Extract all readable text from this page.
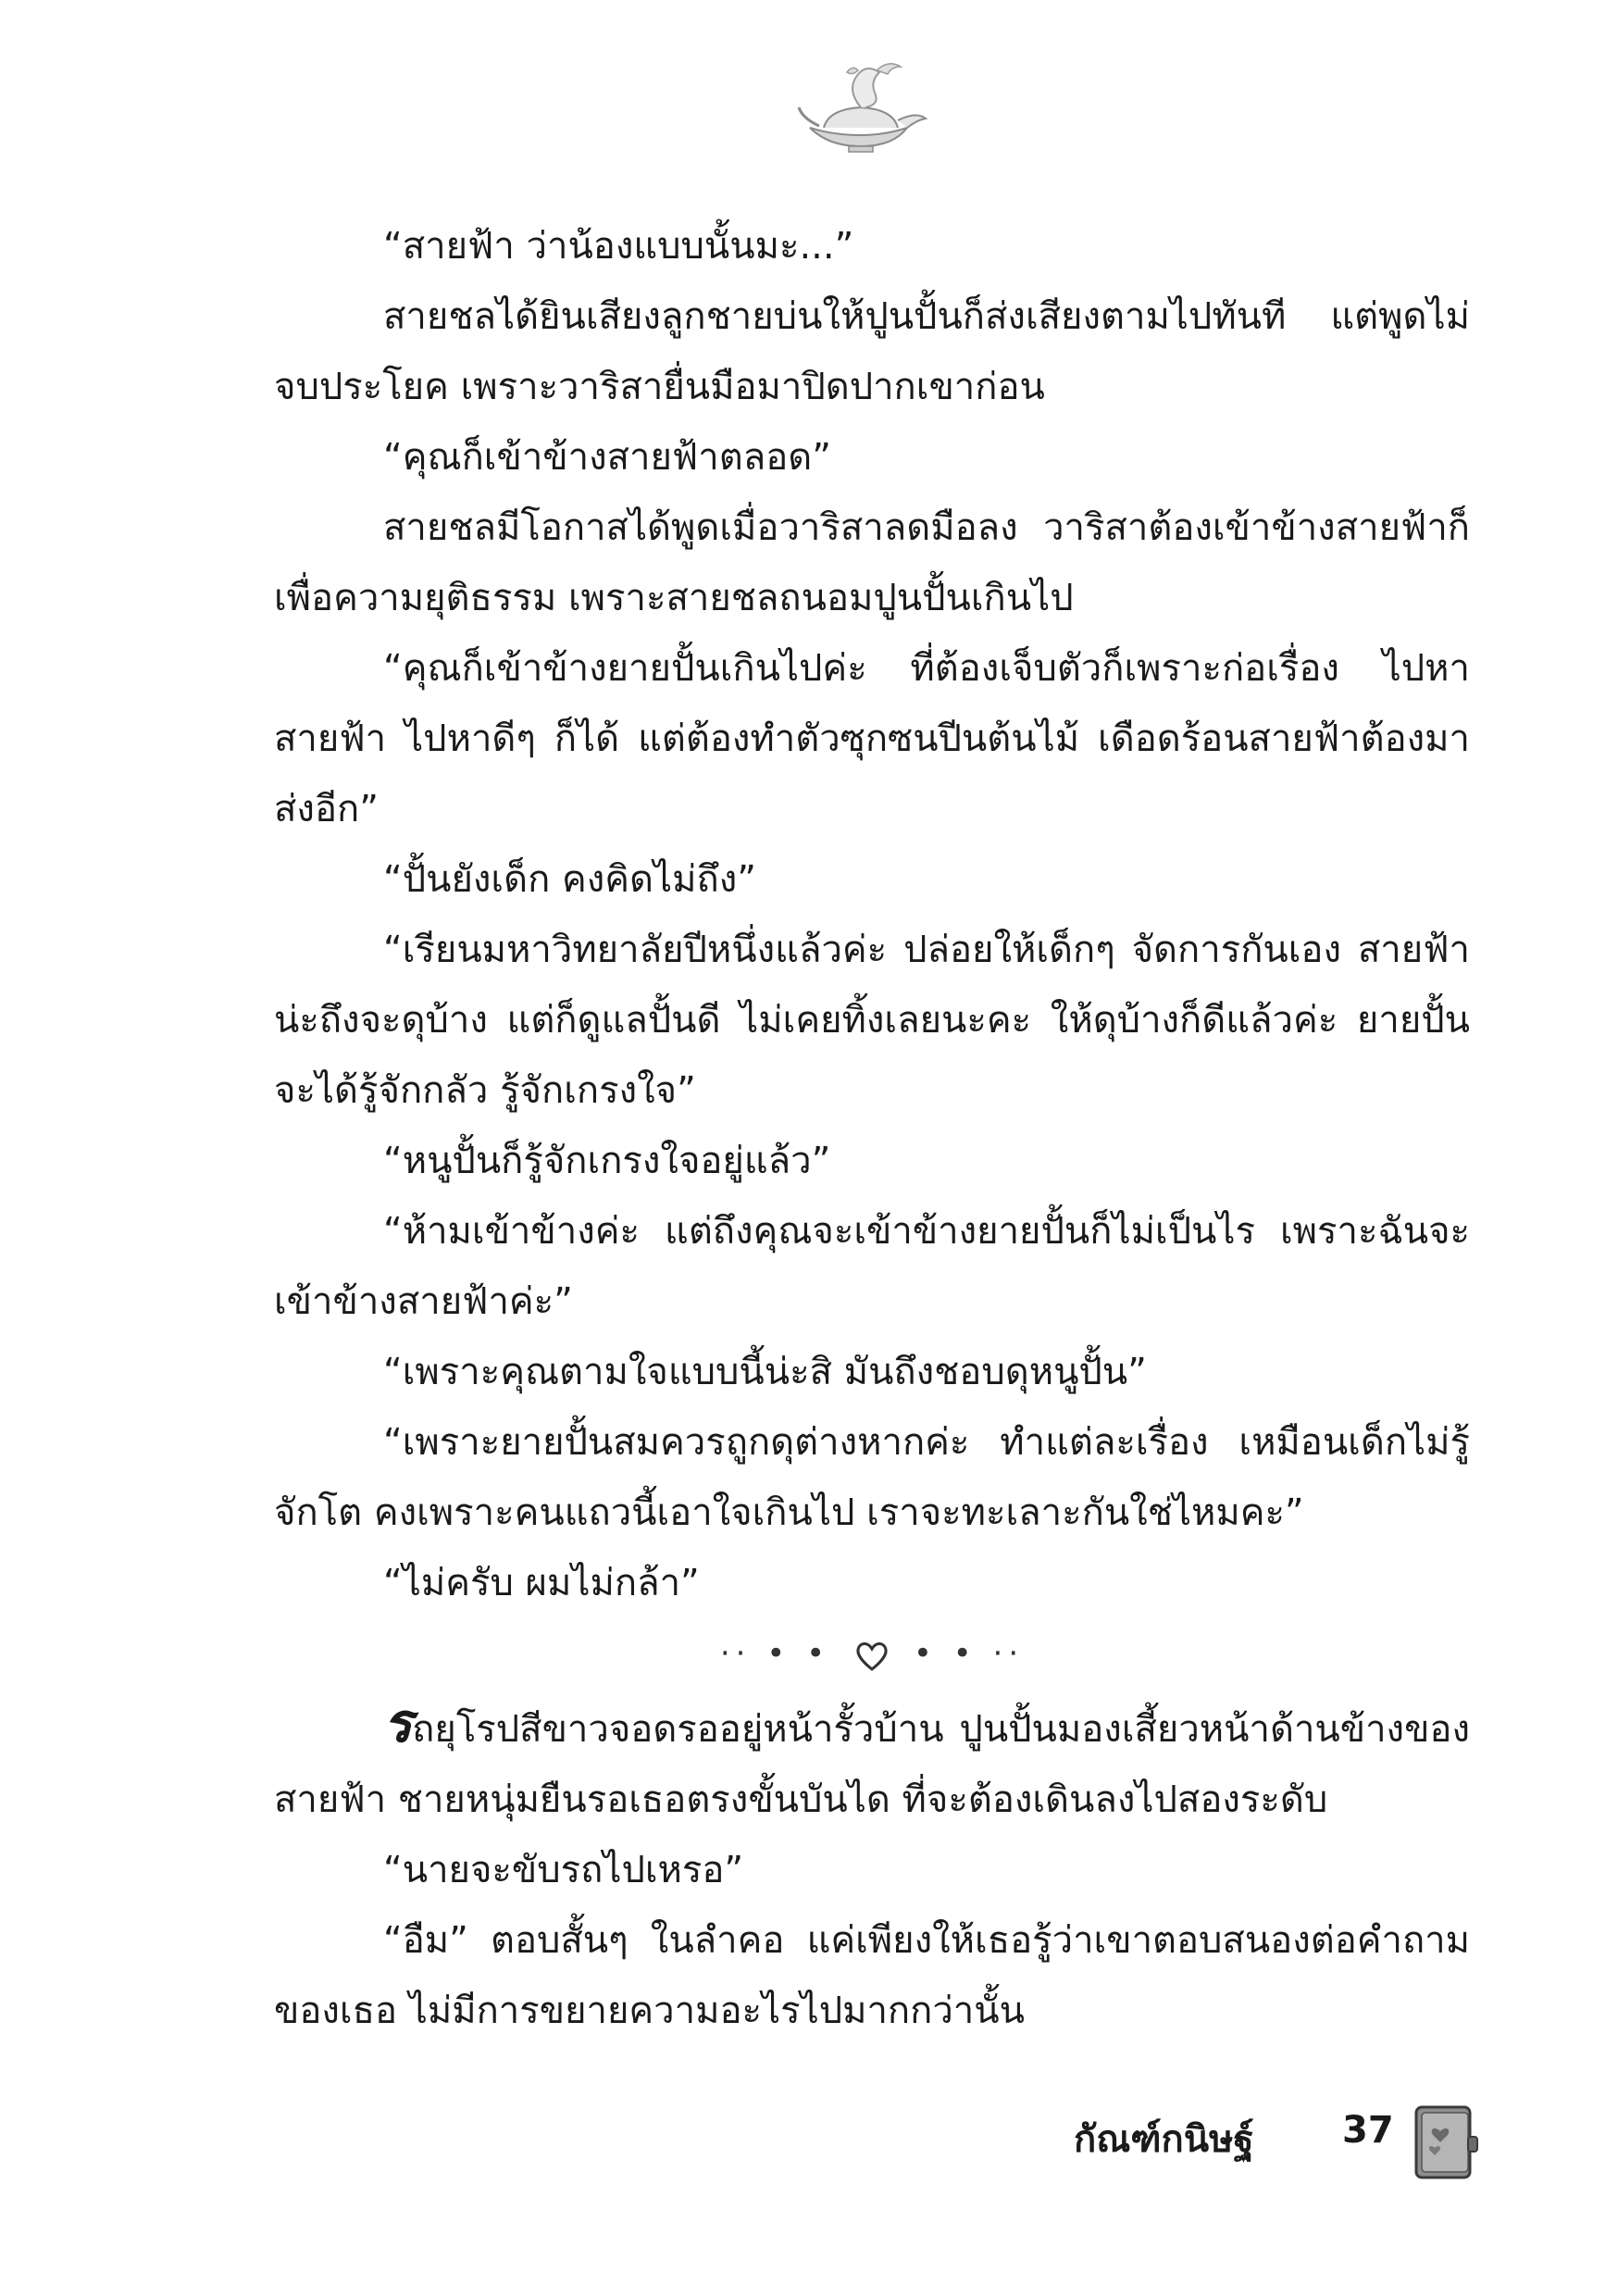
“สายฟ้า ว่าน้องแบบนั้นมะ...”

สายชลได้ยินเสียงลูกชายบ่นให้ปูนปั้นก็ส่งเสียงตามไปทันที แต่พูดไม่จบประโยค เพราะวาริสายื่นมือมาปิดปากเขาก่อน

“คุณก็เข้าข้างสายฟ้าตลอด”

สายชลมีโอกาสได้พูดเมื่อวาริสาลดมือลง วาริสาต้องเข้าข้างสายฟ้าก็เพื่อความยุติธรรม เพราะสายชลถนอมปูนปั้นเกินไป

“คุณก็เข้าข้างยายปั้นเกินไปค่ะ ที่ต้องเจ็บตัวก็เพราะก่อเรื่อง ไปหาสายฟ้า ไปหาดีๆ ก็ได้ แต่ต้องทำตัวซุกซนปีนต้นไม้ เดือดร้อนสายฟ้าต้องมาส่งอีก”

“ปั้นยังเด็ก คงคิดไม่ถึง”

“เรียนมหาวิทยาลัยปีหนึ่งแล้วค่ะ ปล่อยให้เด็กๆ จัดการกันเอง สายฟ้าน่ะถึงจะดุบ้าง แต่ก็ดูแลปั้นดี ไม่เคยทิ้งเลยนะคะ ให้ดุบ้างก็ดีแล้วค่ะ ยายปั้นจะได้รู้จักกลัว รู้จักเกรงใจ”

“หนูปั้นก็รู้จักเกรงใจอยู่แล้ว”

“ห้ามเข้าข้างค่ะ แต่ถึงคุณจะเข้าข้างยายปั้นก็ไม่เป็นไร เพราะฉันจะเข้าข้างสายฟ้าค่ะ”

“เพราะคุณตามใจแบบนี้น่ะสิ มันถึงชอบดุหนูปั้น”

“เพราะยายปั้นสมควรถูกดุต่างหากค่ะ ทำแต่ละเรื่อง เหมือนเด็กไม่รู้จักโต คงเพราะคนแถวนี้เอาใจเกินไป เราจะทะเลาะกันใช่ไหมคะ”

“ไม่ครับ ผมไม่กล้า”

·· • •	• • ··

รถยุโรปสีขาวจอดรออยู่หน้ารั้วบ้าน ปูนปั้นมองเสี้ยวหน้าด้านข้างของสายฟ้า ชายหนุ่มยืนรอเธอตรงขั้นบันได ที่จะต้องเดินลงไปสองระดับ

“นายจะขับรถไปเหรอ”

“อืม” ตอบสั้นๆ ในลำคอ แค่เพียงให้เธอรู้ว่าเขาตอบสนองต่อคำถามของเธอ ไม่มีการขยายความอะไรไปมากกว่านั้น

กัณฑ์กนิษฐ์ 37
